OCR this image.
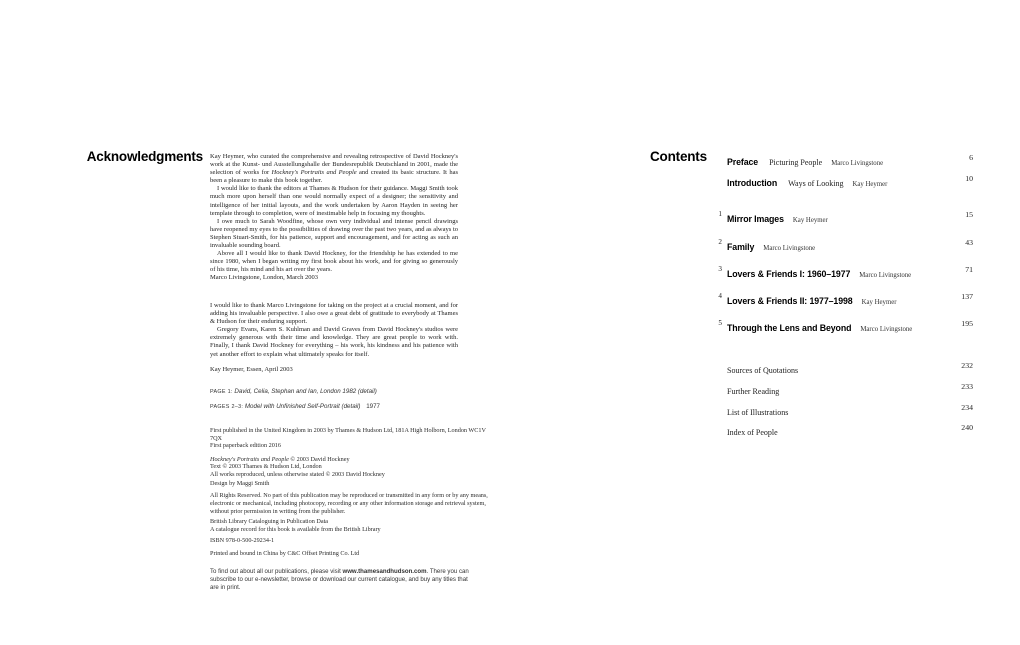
Acknowledgments Kay Heymer, who curated the comprehensive and revealing retrospective of David Hockney's work at the Kunst- und Ausstellungshalle der Bundesrepublik Deutschland in 2001, made the selection of works for Hockney's Portraits and People and created its basic structure. It has been a pleasure to make this book together.

I would like to thank the editors at Thames & Hudson for their guidance. Maggi Smith took much more upon herself than one would normally expect of a designer; the sensitivity and intelligence of her initial layouts, and the work undertaken by Aaron Hayden in seeing her template through to completion, were of inestimable help in focusing my thoughts.

I owe much to Sarah Woodfine, whose own very individual and intense pencil drawings have reopened my eyes to the possibilities of drawing over the past two years, and as always to Stephen Stuart-Smith, for his patience, support and encouragement, and for acting as such an invaluable sounding board.

Above all I would like to thank David Hockney, for the friendship he has extended to me since 1980, when I began writing my first book about his work, and for giving so generously of his time, his mind and his art over the years.

Marco Livingstone, London, March 2003

I would like to thank Marco Livingstone for taking on the project at a crucial moment, and for adding his invaluable perspective. I also owe a great debt of gratitude to everybody at Thames & Hudson for their enduring support.

Gregory Evans, Karen S. Kuhlman and David Graves from David Hockney's studios were extremely generous with their time and knowledge. They are great people to work with. Finally, I thank David Hockney for everything – his work, his kindness and his patience with yet another effort to explain what ultimately speaks for itself.

Kay Heymer, Essen, April 2003

PAGE 1: David, Celia, Stephan and Ian, London 1982 (detail)
PAGES 2–3: Model with Unfinished Self-Portrait (detail) 1977
First published in the United Kingdom in 2003 by Thames & Hudson Ltd, 181A High Holborn, London WC1V 7QX
First paperback edition 2016
Hockney's Portraits and People © 2003 David Hockney
Text © 2003 Thames & Hudson Ltd, London
All works reproduced, unless otherwise stated © 2003 David Hockney
Design by Maggi Smith
All Rights Reserved. No part of this publication may be reproduced or transmitted in any form or by any means, electronic or mechanical, including photocopy, recording or any other information storage and retrieval system, without prior permission in writing from the publisher.
British Library Cataloguing in Publication Data
A catalogue record for this book is available from the British Library
ISBN 978-0-500-29234-1
Printed and bound in China by C&C Offset Printing Co. Ltd
To find out about all our publications, please visit www.thamesandhudson.com. There you can subscribe to our e-newsletter, browse or download our current catalogue, and buy any titles that are in print.
Contents Preface Picturing People Marco Livingstone
6
Introduction Ways of Looking Kay Heymer
10
1 Mirror Images Kay Heymer
15
2 Family Marco Livingstone
43
3 Lovers & Friends I: 1960–1977 Marco Livingstone
71
4 Lovers & Friends II: 1977–1998 Kay Heymer
137
5 Through the Lens and Beyond Marco Livingstone
195
Sources of Quotations
232
Further Reading
233
List of Illustrations
234
Index of People
240
